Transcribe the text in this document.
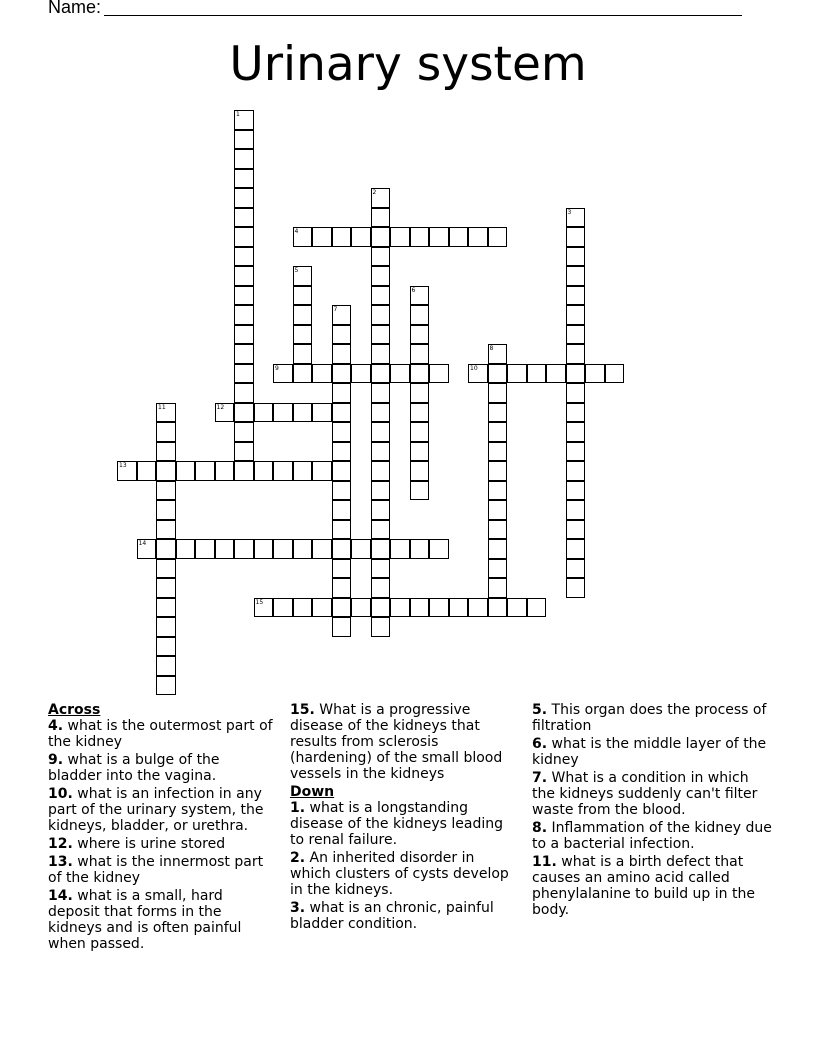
Name:
Urinary system
1
2
3
4
5
6
7
8
9	10
11	12
13
14
15
Across
4. what is the outermost part of the kidney
9. what is a bulge of the bladder into the vagina.
10. what is an infection in any part of the urinary system, the kidneys, bladder, or urethra.
12. where is urine stored
13. what is the innermost part of the kidney
14. what is a small, hard deposit that forms in the kidneys and is often painful when passed.
15. What is a progressive disease of the kidneys that results from sclerosis (hardening) of the small blood vessels in the kidneys
Down
1. what is a longstanding disease of the kidneys leading to renal failure.
2. An inherited disorder in which clusters of cysts develop in the kidneys.
3. what is an chronic, painful bladder condition.
5. This organ does the process of filtration
6. what is the middle layer of the kidney
7. What is a condition in which the kidneys suddenly can't filter waste from the blood.
8. Inflammation of the kidney due to a bacterial infection.
11. what is a birth defect that causes an amino acid called phenylalanine to build up in the body.
